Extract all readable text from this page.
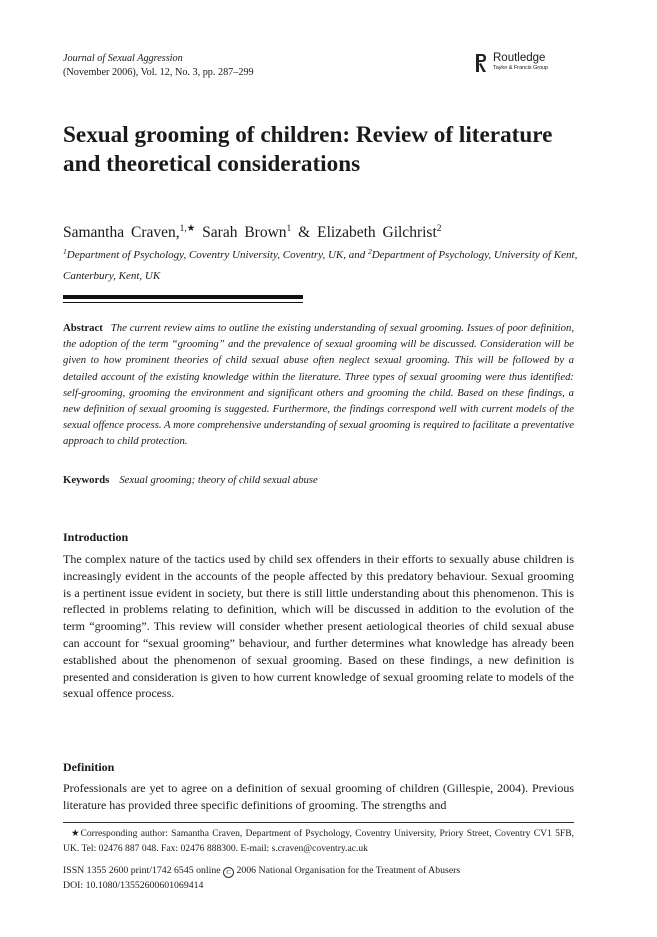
Journal of Sexual Aggression
(November 2006), Vol. 12, No. 3, pp. 287–299
Routledge
Taylor & Francis Group
Sexual grooming of children: Review of literature and theoretical considerations
Samantha Craven,$^{1,★}$ Sarah Brown$^1$ & Elizabeth Gilchrist$^2$
$^1$Department of Psychology, Coventry University, Coventry, UK, and $^2$Department of Psychology, University of Kent, Canterbury, Kent, UK
Abstract The current review aims to outline the existing understanding of sexual grooming. Issues of poor definition, the adoption of the term “grooming” and the prevalence of sexual grooming will be discussed. Consideration will be given to how prominent theories of child sexual abuse often neglect sexual grooming. This will be followed by a detailed account of the existing knowledge within the literature. Three types of sexual grooming were thus identified: self-grooming, grooming the environment and significant others and grooming the child. Based on these findings, a new definition of sexual grooming is suggested. Furthermore, the findings correspond well with current models of the sexual offence process. A more comprehensive understanding of sexual grooming is required to facilitate a preventative approach to child protection.
Keywords Sexual grooming; theory of child sexual abuse
Introduction

The complex nature of the tactics used by child sex offenders in their efforts to sexually abuse children is increasingly evident in the accounts of the people affected by this predatory behaviour. Sexual grooming is a pertinent issue evident in society, but there is still little understanding about this phenomenon. This is reflected in problems relating to definition, which will be discussed in addition to the evolution of the term “grooming”. This review will consider whether present aetiological theories of child sexual abuse can account for “sexual grooming” behaviour, and further determines what knowledge has already been established about the phenomenon of sexual grooming. Based on these findings, a new definition is presented and consideration is given to how current knowledge of sexual grooming relate to models of the sexual offence process.

Definition

Professionals are yet to agree on a definition of sexual grooming of children (Gillespie, 2004). Previous literature has provided three specific definitions of grooming. The strengths and

★Corresponding author: Samantha Craven, Department of Psychology, Coventry University, Priory Street, Coventry CV1 5FB, UK. Tel: 02476 887 048. Fax: 02476 888300. E-mail: s.craven@coventry.ac.uk
ISSN 1355 2600 print/1742 6545 online C 2006 National Organisation for the Treatment of Abusers
DOI: 10.1080/13552600601069414
